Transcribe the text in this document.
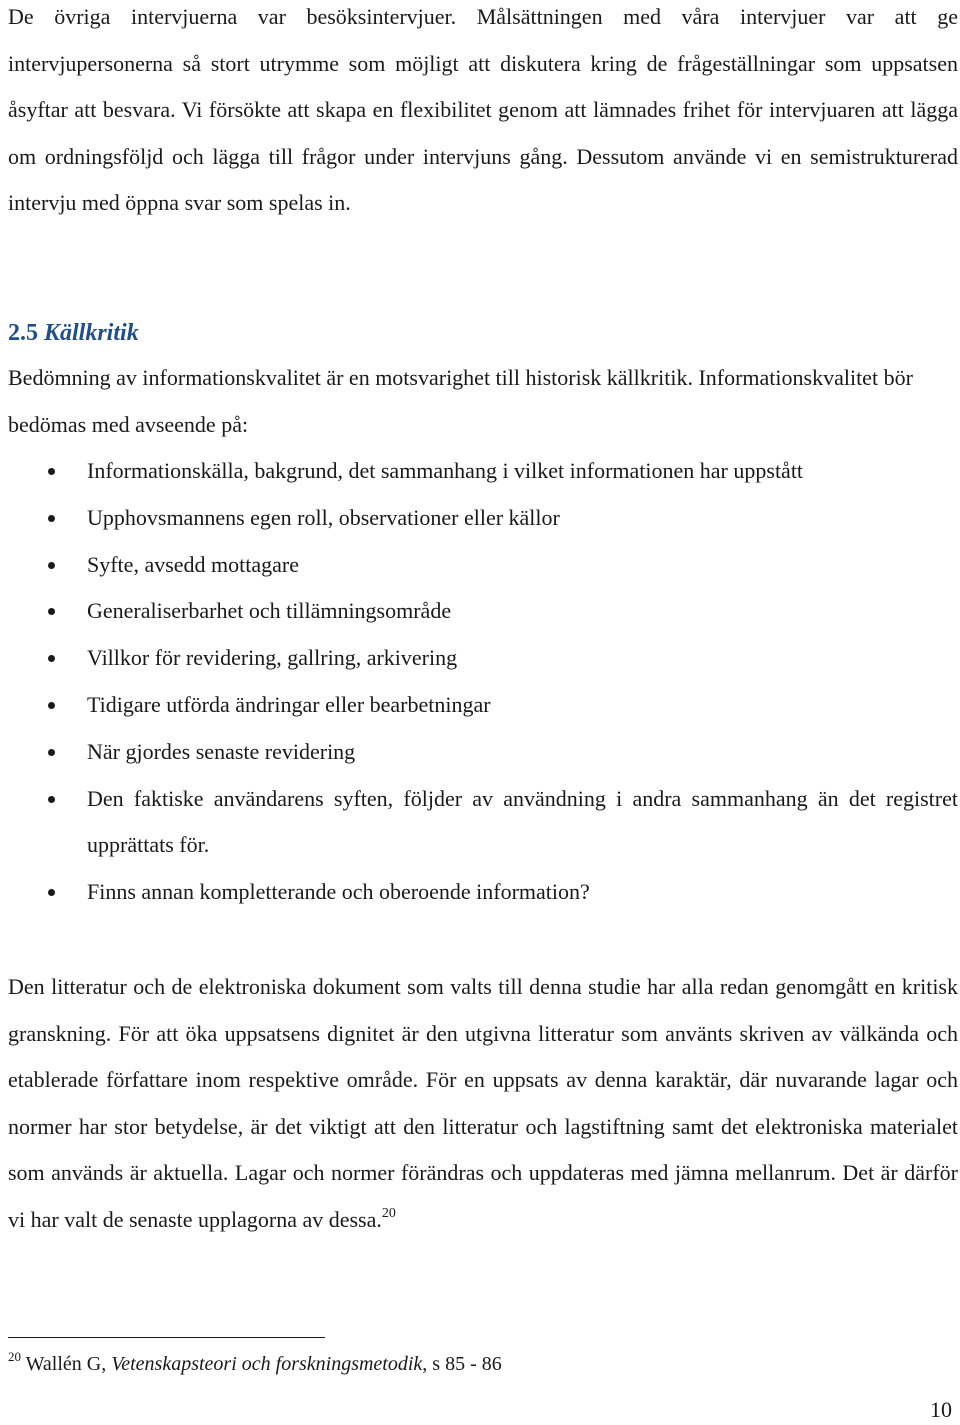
De övriga intervjuerna var besöksintervjuer. Målsättningen med våra intervjuer var att ge intervjupersonerna så stort utrymme som möjligt att diskutera kring de frågeställningar som uppsatsen åsyftar att besvara. Vi försökte att skapa en flexibilitet genom att lämnades frihet för intervjuaren att lägga om ordningsföljd och lägga till frågor under intervjuns gång. Dessutom använde vi en semistrukturerad intervju med öppna svar som spelas in.

2.5 Källkritik

Bedömning av informationskvalitet är en motsvarighet till historisk källkritik. Informationskvalitet bör bedömas med avseende på:

Informationskälla, bakgrund, det sammanhang i vilket informationen har uppstått
Upphovsmannens egen roll, observationer eller källor
Syfte, avsedd mottagare
Generaliserbarhet och tillämningsområde
Villkor för revidering, gallring, arkivering
Tidigare utförda ändringar eller bearbetningar
När gjordes senaste revidering
Den faktiske användarens syften, följder av användning i andra sammanhang än det registret upprättats för.
Finns annan kompletterande och oberoende information?

Den litteratur och de elektroniska dokument som valts till denna studie har alla redan genomgått en kritisk granskning. För att öka uppsatsens dignitet är den utgivna litteratur som använts skriven av välkända och etablerade författare inom respektive område. För en uppsats av denna karaktär, där nuvarande lagar och normer har stor betydelse, är det viktigt att den litteratur och lagstiftning samt det elektroniska materialet som används är aktuella. Lagar och normer förändras och uppdateras med jämna mellanrum. Det är därför vi har valt de senaste upplagorna av dessa.$^{20}$

$^{20}$ Wallén G, Vetenskapsteori och forskningsmetodik, s 85 - 86

10
